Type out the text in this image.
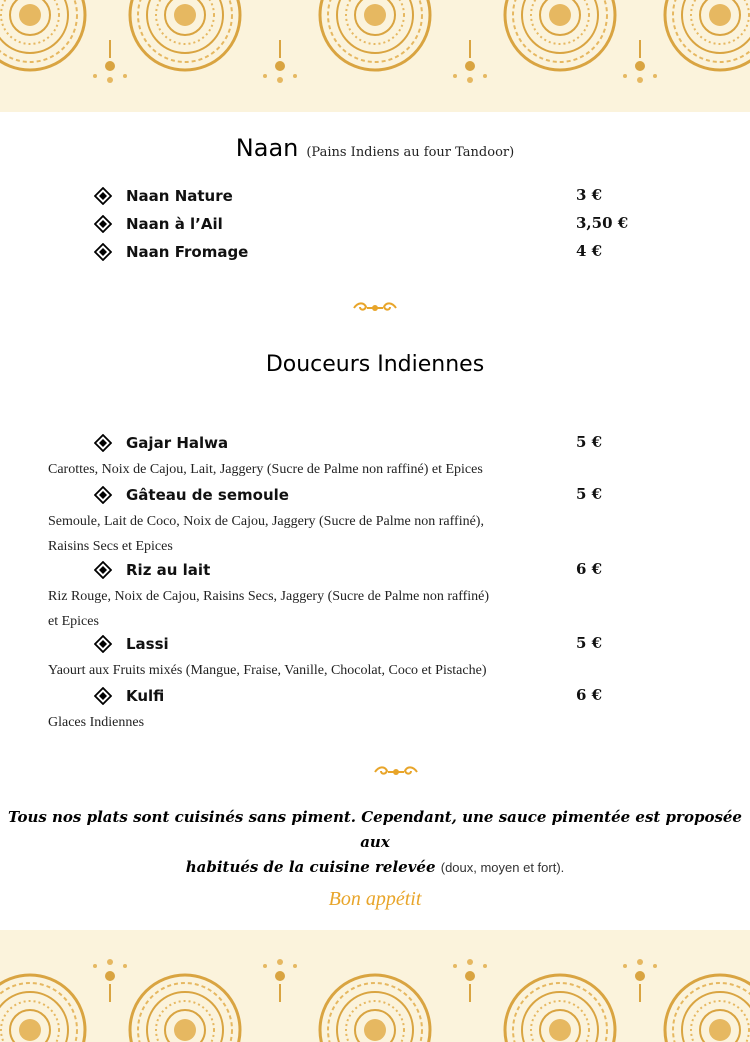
Naan (Pains Indiens au four Tandoor)
Naan Nature	3 €
Naan à l’Ail	3,50 €
Naan Fromage	4 €
Douceurs Indiennes
Gajar Halwa	5 €
Carottes, Noix de Cajou, Lait, Jaggery (Sucre de Palme non raffiné) et Epices
Gâteau de semoule	5 €
Semoule, Lait de Coco, Noix de Cajou, Jaggery (Sucre de Palme non raffiné),
Raisins Secs et Epices
Riz au lait	6 €
Riz Rouge, Noix de Cajou, Raisins Secs, Jaggery (Sucre de Palme non raffiné)
et Epices
Lassi	5 €
Yaourt aux Fruits mixés (Mangue, Fraise, Vanille, Chocolat, Coco et Pistache)
Kulfi	6 €
Glaces Indiennes
Tous nos plats sont cuisinés sans piment. Cependant, une sauce pimentée est proposée aux
habitués de la cuisine relevée (doux, moyen et fort).
Bon appétit
